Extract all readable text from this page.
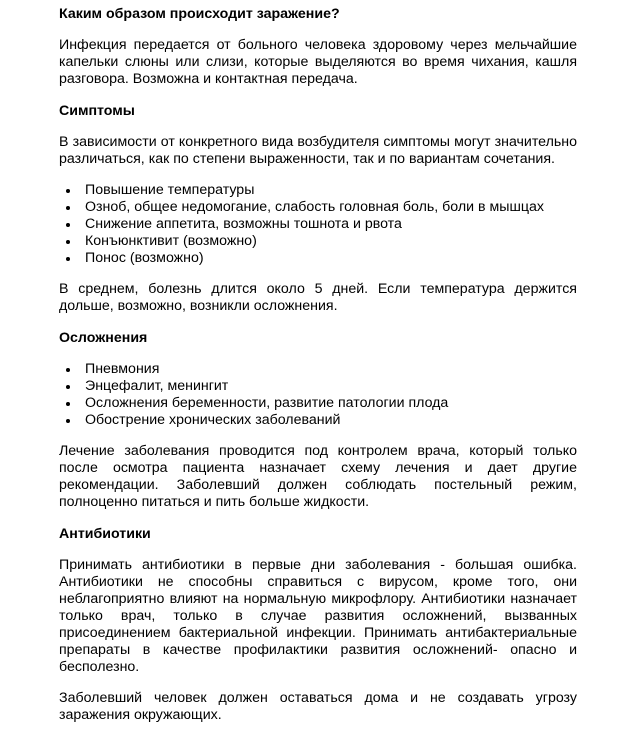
Каким образом происходит заражение?

Инфекция передается от больного человека здоровому через мельчайшие капельки слюны или слизи, которые выделяются во время чихания, кашля разговора. Возможна и контактная передача.

Симптомы

В зависимости от конкретного вида возбудителя симптомы могут значительно различаться, как по степени выраженности, так и по вариантам сочетания.

Повышение температуры
Озноб, общее недомогание, слабость головная боль, боли в мышцах
Снижение аппетита, возможны тошнота и рвота
Конъюнктивит (возможно)
Понос (возможно)

В среднем, болезнь длится около 5 дней. Если температура держится дольше, возможно, возникли осложнения.

Осложнения
Пневмония
Энцефалит, менингит
Осложнения беременности, развитие патологии плода
Обострение хронических заболеваний

Лечение заболевания проводится под контролем врача, который только после осмотра пациента назначает схему лечения и дает другие рекомендации. Заболевший должен соблюдать постельный режим, полноценно питаться и пить больше жидкости.

Антибиотики

Принимать антибиотики в первые дни заболевания - большая ошибка. Антибиотики не способны справиться с вирусом, кроме того, они неблагоприятно влияют на нормальную микрофлору. Антибиотики назначает только врач, только в случае развития осложнений, вызванных присоединением бактериальной инфекции. Принимать антибактериальные препараты в качестве профилактики развития осложнений- опасно и бесполезно.

Заболевший человек должен оставаться дома и не создавать угрозу заражения окружающих.
